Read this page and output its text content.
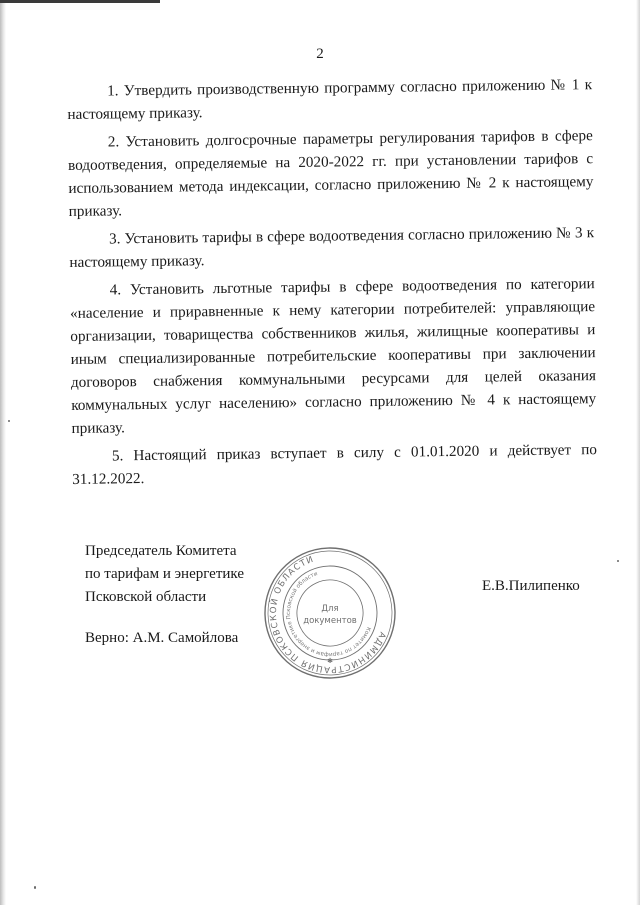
2

1. Утвердить производственную программу согласно приложению № 1 к настоящему приказу.

2. Установить долгосрочные параметры регулирования тарифов в сфере водоотведения, определяемые на 2020-2022 гг. при установлении тарифов с использованием метода индексации, согласно приложению № 2 к настоящему приказу.

3. Установить тарифы в сфере водоотведения согласно приложению № 3 к настоящему приказу.

4. Установить льготные тарифы в сфере водоотведения по категории «население и приравненные к нему категории потребителей: управляющие организации, товарищества собственников жилья, жилищные кооперативы и иным специализированные потребительские кооперативы при заключении договоров снабжения коммунальными ресурсами для целей оказания коммунальных услуг населению» согласно приложению № 4 к настоящему приказу.

5. Настоящий приказ вступает в силу с 01.01.2020 и действует по 31.12.2022.

Председатель Комитета
по тарифам и энергетике
Псковской области
Верно: А.М. Самойлова
Е.В.Пилипенко
АДМИНИСТРАЦИЯ ПСКОВСКОЙ ОБЛАСТИ
Комитет по тарифам и энергетике Псковской области
Для
документов
✱
